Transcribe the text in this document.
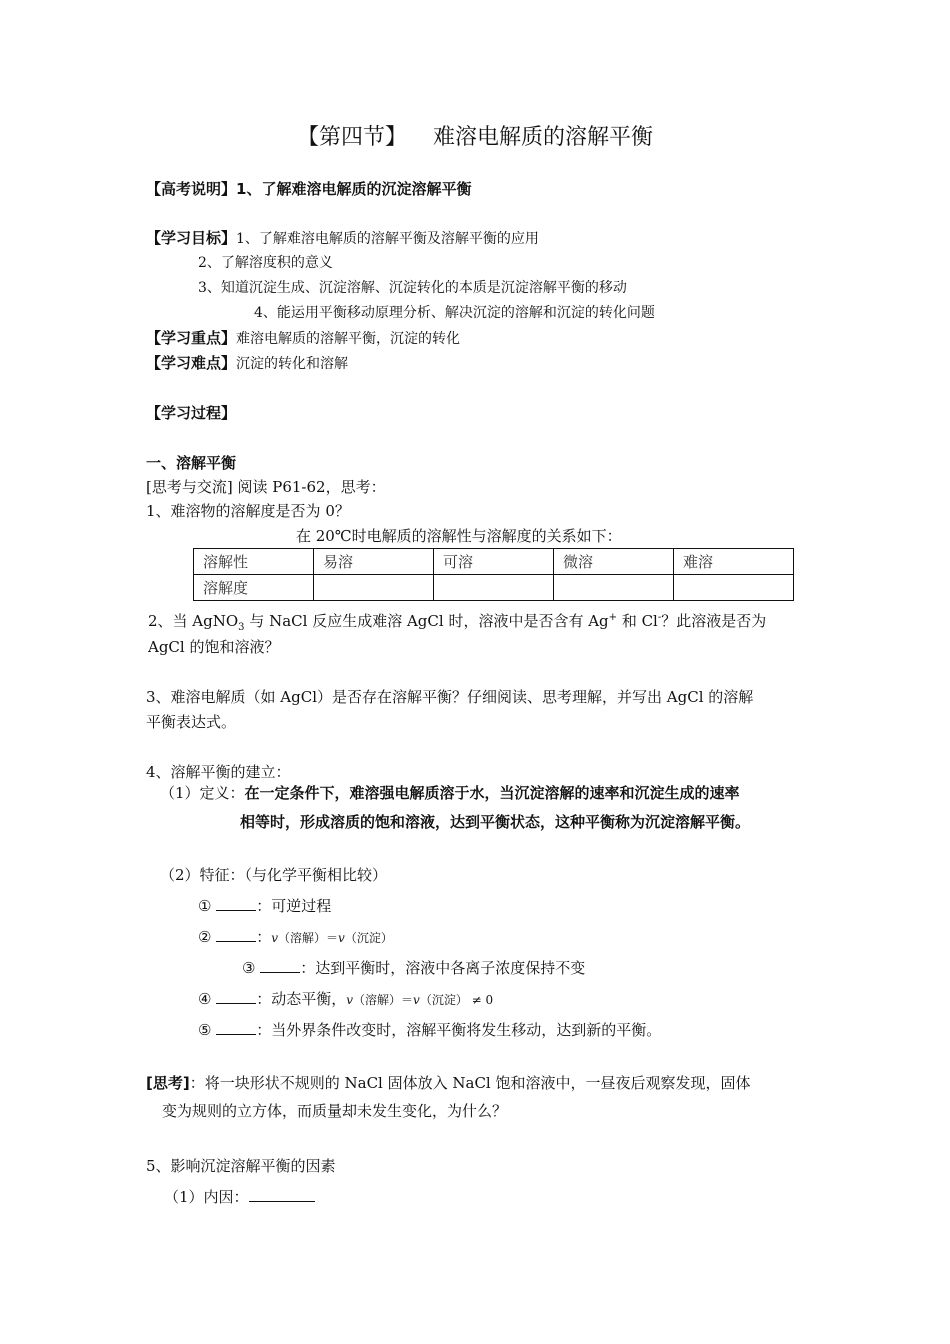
【第四节】 难溶电解质的溶解平衡
【高考说明】1、了解难溶电解质的沉淀溶解平衡
【学习目标】1、了解难溶电解质的溶解平衡及溶解平衡的应用
2、了解溶度积的意义
3、知道沉淀生成、沉淀溶解、沉淀转化的本质是沉淀溶解平衡的移动
4、能运用平衡移动原理分析、解决沉淀的溶解和沉淀的转化问题
【学习重点】难溶电解质的溶解平衡，沉淀的转化
【学习难点】沉淀的转化和溶解
【学习过程】
一、溶解平衡
[思考与交流] 阅读 P61-62，思考：
1、难溶物的溶解度是否为 0？
在 20℃时电解质的溶解性与溶解度的关系如下：
溶解性	易溶	可溶	微溶	难溶
溶解度				
2、当 AgNO$_3$ 与 NaCl 反应生成难溶 AgCl 时，溶液中是否含有 Ag+ 和 Cl-？此溶液是否为
AgCl 的饱和溶液？
3、难溶电解质（如 AgCl）是否存在溶解平衡？仔细阅读、思考理解，并写出 AgCl 的溶解
平衡表达式。
4、溶解平衡的建立：
（1）定义：在一定条件下，难溶强电解质溶于水，当沉淀溶解的速率和沉淀生成的速率
相等时，形成溶质的饱和溶液，达到平衡状态，这种平衡称为沉淀溶解平衡。
（2）特征：（与化学平衡相比较）
①	：可逆过程
②	：v（溶解）＝v（沉淀）
③	：达到平衡时，溶液中各离子浓度保持不变
④	：动态平衡，v（溶解）＝v（沉淀） ≠ 0
⑤	：当外界条件改变时，溶解平衡将发生移动，达到新的平衡。
[思考]：将一块形状不规则的 NaCl 固体放入 NaCl 饱和溶液中，一昼夜后观察发现，固体
变为规则的立方体，而质量却未发生变化，为什么？
5、影响沉淀溶解平衡的因素
（1）内因：
